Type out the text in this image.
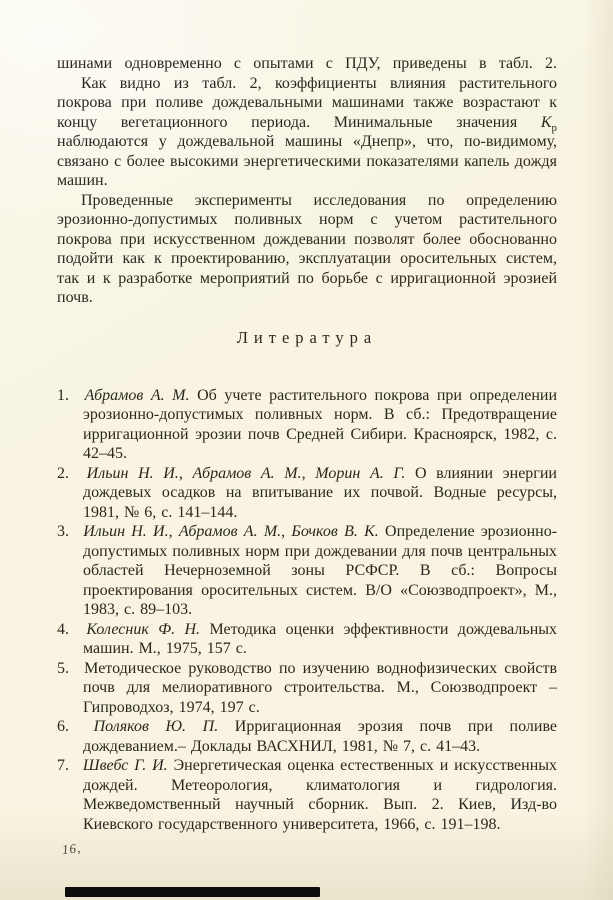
шинами одновременно с опытами с ПДУ, приведены в табл. 2.

Как видно из табл. 2, коэффициенты влияния растительного покрова при поливе дождевальными машинами также возрастают к концу вегетационного периода. Минимальные значения $K_р$ наблюдаются у дождевальной машины «Днепр», что, по-видимому, связано с более высокими энергетическими показателями капель дождя машин.

Проведенные эксперименты исследования по определению эрозионно-допустимых поливных норм с учетом растительного покрова при искусственном дождевании позволят более обоснованно подойти как к проектированию, эксплуатации оросительных систем, так и к разработке мероприятий по борьбе с ирригационной эрозией почв.

Литература
1. Абрамов А. М. Об учете растительного покрова при определении эрозионно-допустимых поливных норм. В сб.: Предотвращение ирригационной эрозии почв Средней Сибири. Красноярск, 1982, с. 42–45.
2. Ильин Н. И., Абрамов А. М., Морин А. Г. О влиянии энергии дождевых осадков на впитывание их почвой. Водные ресурсы, 1981, № 6, с. 141–144.
3. Ильин Н. И., Абрамов А. М., Бочков В. К. Определение эрозионно-допустимых поливных норм при дождевании для почв центральных областей Нечерноземной зоны РСФСР. В сб.: Вопросы проектирования оросительных систем. В/О «Союзводпроект», М., 1983, с. 89–103.
4. Колесник Ф. Н. Методика оценки эффективности дождевальных машин. М., 1975, 157 с.
5. Методическое руководство по изучению воднофизических свойств почв для мелиоративного строительства. М., Союзводпроект – Гипроводхоз, 1974, 197 с.
6. Поляков Ю. П. Ирригационная эрозия почв при поливе дождеванием.– Доклады ВАСХНИЛ, 1981, № 7, с. 41–43.
7. Швебс Г. И. Энергетическая оценка естественных и искусственных дождей. Метеорология, климатология и гидрология. Межведомственный научный сборник. Вып. 2. Киев, Изд-во Киевского государственного университета, 1966, с. 191–198.
16,
